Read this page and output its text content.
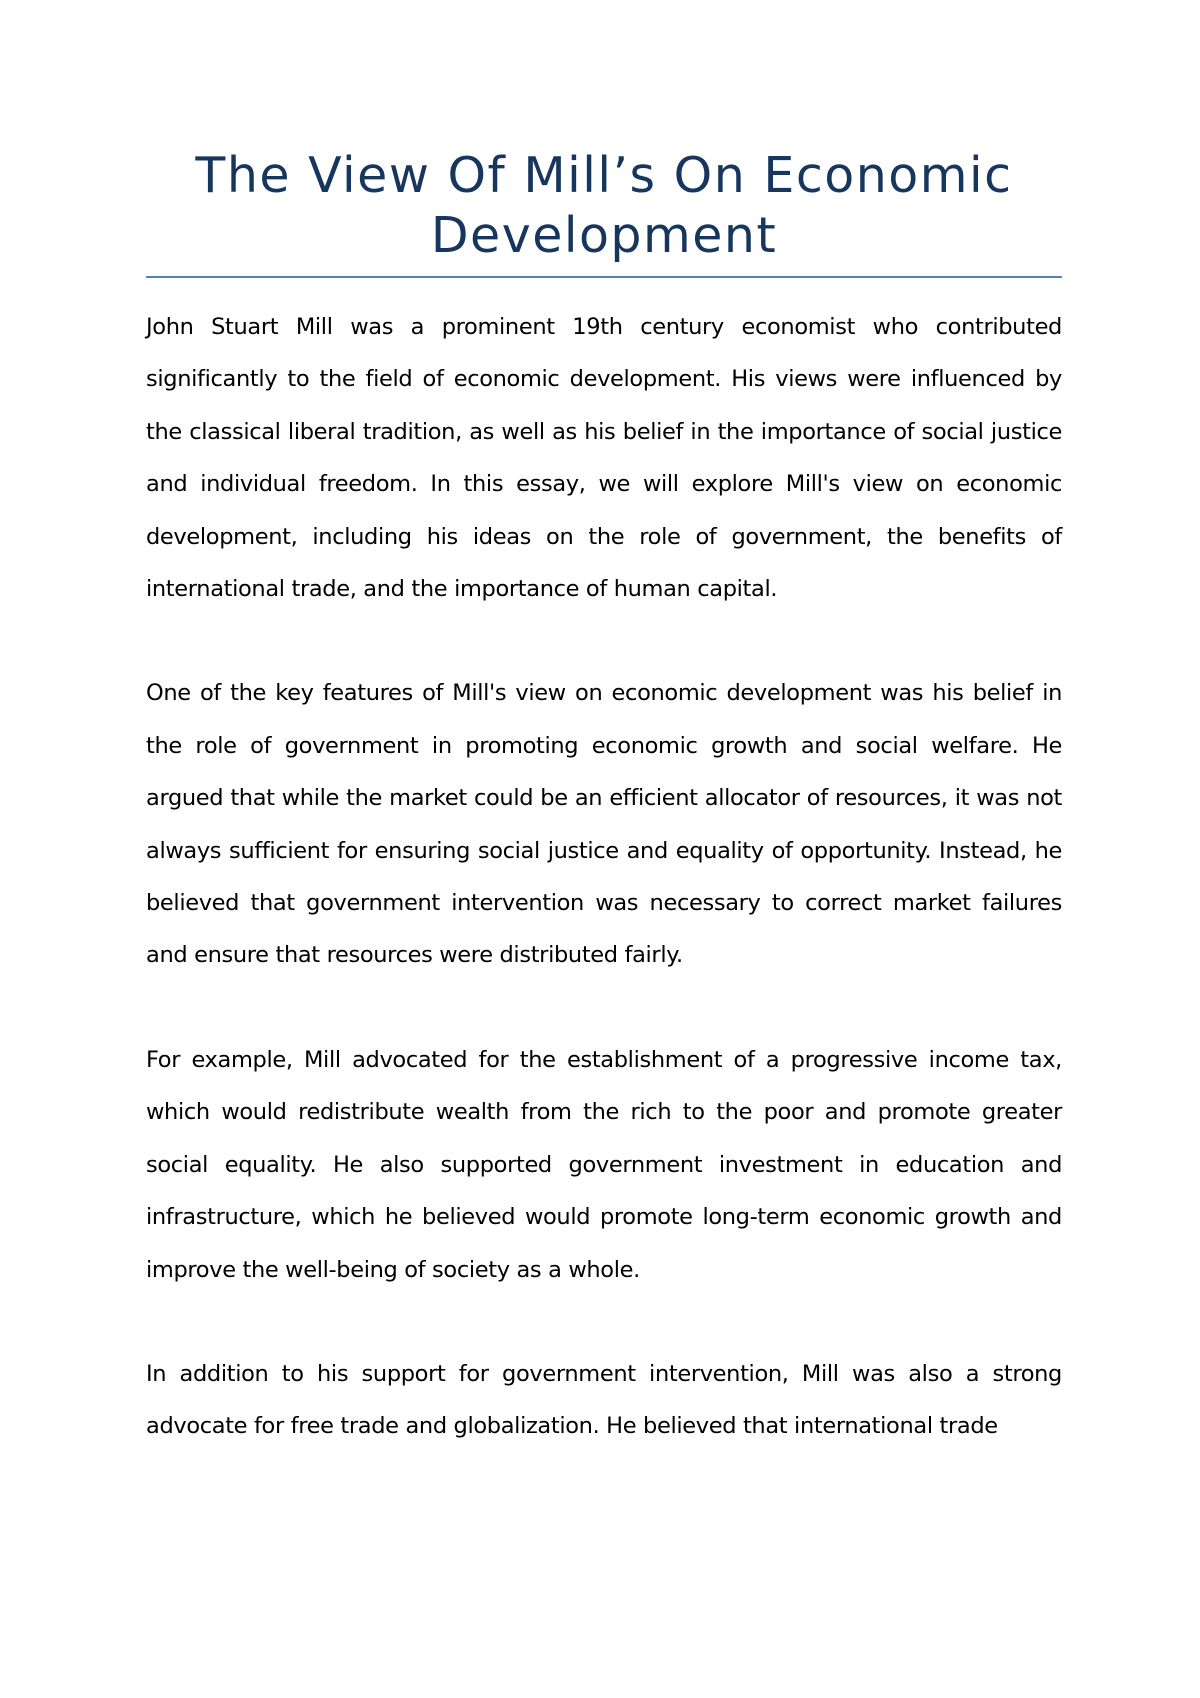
The View Of Mill’s On Economic Development

John Stuart Mill was a prominent 19th century economist who contributed significantly to the field of economic development. His views were influenced by the classical liberal tradition, as well as his belief in the importance of social justice and individual freedom. In this essay, we will explore Mill's view on economic development, including his ideas on the role of government, the benefits of international trade, and the importance of human capital.

One of the key features of Mill's view on economic development was his belief in the role of government in promoting economic growth and social welfare. He argued that while the market could be an efficient allocator of resources, it was not always sufficient for ensuring social justice and equality of opportunity. Instead, he believed that government intervention was necessary to correct market failures and ensure that resources were distributed fairly.

For example, Mill advocated for the establishment of a progressive income tax, which would redistribute wealth from the rich to the poor and promote greater social equality. He also supported government investment in education and infrastructure, which he believed would promote long-term economic growth and improve the well-being of society as a whole.

In addition to his support for government intervention, Mill was also a strong advocate for free trade and globalization. He believed that international trade
